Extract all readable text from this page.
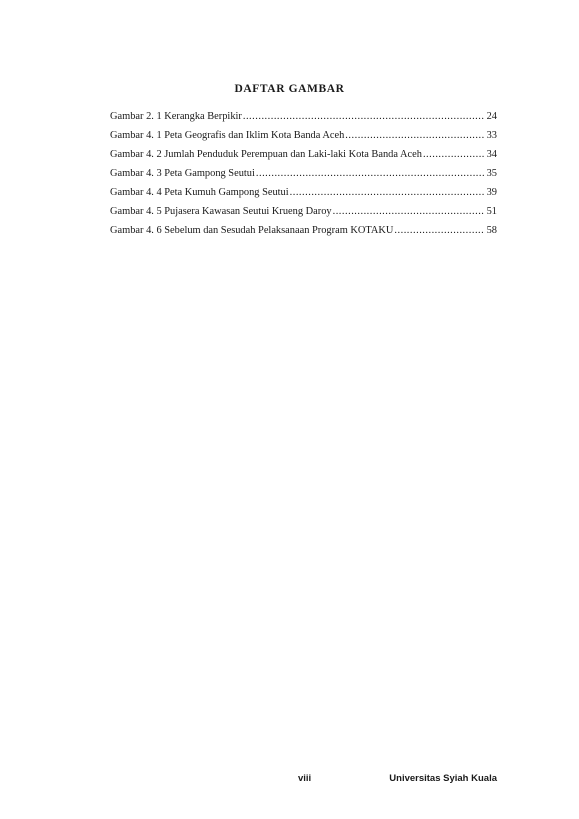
DAFTAR GAMBAR
Gambar 2. 1 Kerangka Berpikir .....	24
Gambar 4. 1 Peta Geografis dan Iklim Kota Banda Aceh .....	33
Gambar 4. 2 Jumlah Penduduk Perempuan dan Laki-laki Kota Banda Aceh .....	34
Gambar 4. 3 Peta Gampong Seutui .....	35
Gambar 4. 4 Peta Kumuh Gampong Seutui .....	39
Gambar 4. 5 Pujasera Kawasan Seutui Krueng Daroy .....	51
Gambar 4. 6 Sebelum dan Sesudah Pelaksanaan Program KOTAKU .....	58
viii	Universitas Syiah Kuala
